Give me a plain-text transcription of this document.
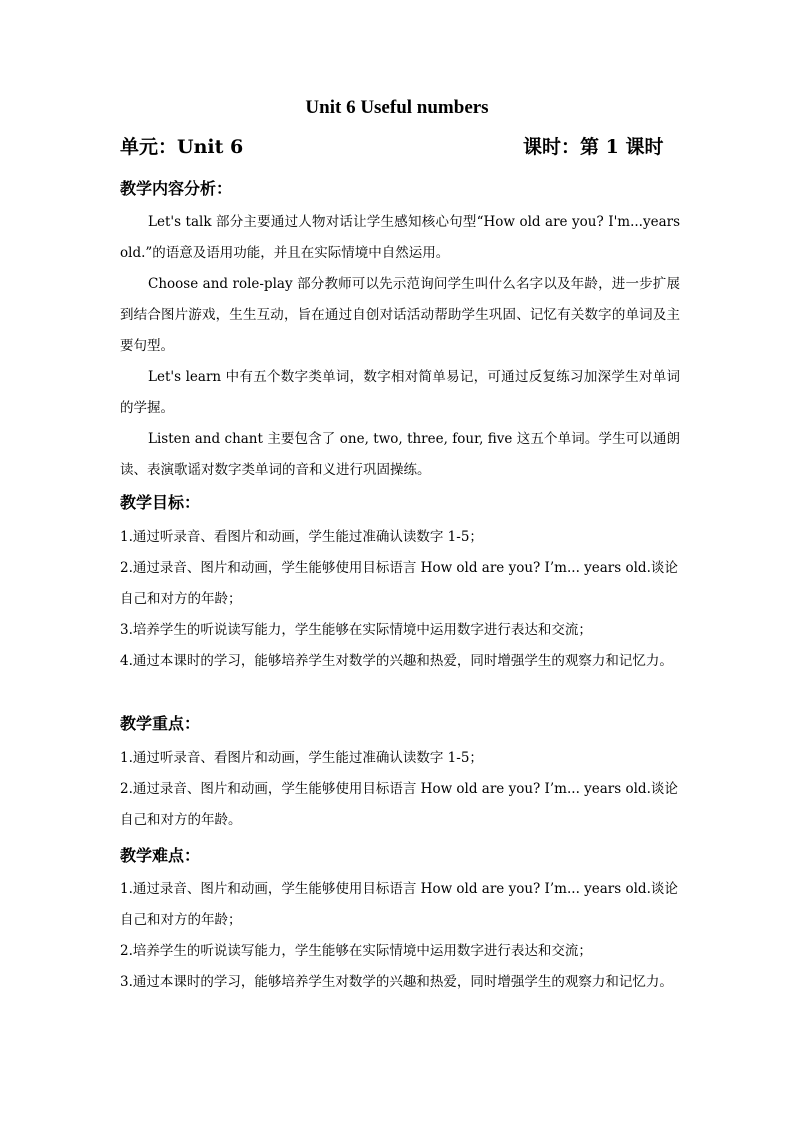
Unit 6 Useful numbers
单元：Unit 6	课时：第 1 课时
教学内容分析：

Let's talk 部分主要通过人物对话让学生感知核心句型“How old are you? I'm...years old.”的语意及语用功能，并且在实际情境中自然运用。

Choose and role-play 部分教师可以先示范询问学生叫什么名字以及年龄，进一步扩展到结合图片游戏，生生互动，旨在通过自创对话活动帮助学生巩固、记忆有关数字的单词及主要句型。

Let's learn 中有五个数字类单词，数字相对简单易记，可通过反复练习加深学生对单词的学握。

Listen and chant 主要包含了 one, two, three, four, five 这五个单词。学生可以通朗读、表演歌谣对数字类单词的音和义进行巩固操练。

教学目标：
1.通过听录音、看图片和动画，学生能过准确认读数字 1-5；
2.通过录音、图片和动画，学生能够使用目标语言 How old are you? I’m... years old.谈论自己和对方的年龄；
3.培养学生的听说读写能力，学生能够在实际情境中运用数字进行表达和交流；
4.通过本课时的学习，能够培养学生对数学的兴趣和热爱，同时增强学生的观察力和记忆力。
教学重点：
1.通过听录音、看图片和动画，学生能过准确认读数字 1-5；
2.通过录音、图片和动画，学生能够使用目标语言 How old are you? I’m... years old.谈论自己和对方的年龄。
教学难点：
1.通过录音、图片和动画，学生能够使用目标语言 How old are you? I’m... years old.谈论自己和对方的年龄；
2.培养学生的听说读写能力，学生能够在实际情境中运用数字进行表达和交流；
3.通过本课时的学习，能够培养学生对数学的兴趣和热爱，同时增强学生的观察力和记忆力。
